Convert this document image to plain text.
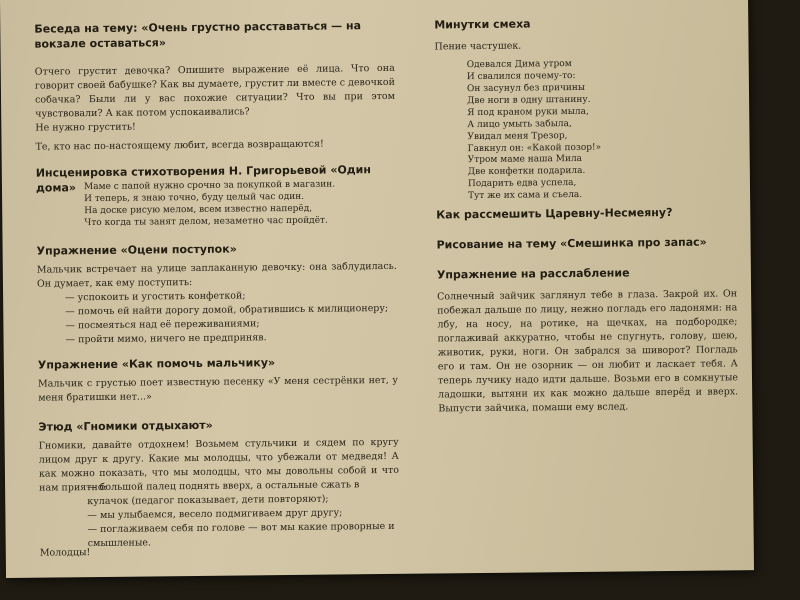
Беседа на тему: «Очень грустно расставаться — на вокзале оставаться»

Отчего грустит девочка? Опишите выражение её лица. Что она говорит своей бабушке? Как вы думаете, грустит ли вместе с девочкой собачка? Были ли у вас похожие ситуации? Что вы при этом чувствовали? А как потом успокаивались?

Не нужно грустить!

Те, кто нас по-настоящему любит, всегда возвращаются!

Инсценировка стихотворения Н. Григорьевой «Один дома» Маме с папой нужно срочно за покупкой в магазин.
И теперь, я знаю точно, буду целый час один.
На доске рисую мелом, всем известно наперёд,
Что когда ты занят делом, незаметно час пройдёт.
Упражнение «Оцени поступок»

Мальчик встречает на улице заплаканную девочку: она заблудилась. Он думает, как ему поступить:

— успокоить и угостить конфеткой;
— помочь ей найти дорогу домой, обратившись к милиционеру;
— посмеяться над её переживаниями;
— пройти мимо, ничего не предприняв.
Упражнение «Как помочь мальчику»

Мальчик с грустью поет известную песенку «У меня сестрёнки нет, у меня братишки нет...»

Этюд «Гномики отдыхают»

Гномики, давайте отдохнем! Возьмем стульчики и сядем по кругу лицом друг к другу. Какие мы молодцы, что убежали от медведя! А как можно показать, что мы молодцы, что мы довольны собой и что нам приятно:

— большой палец поднять вверх, а остальные сжать в кулачок (педагог показывает, дети повторяют);
— мы улыбаемся, весело подмигиваем друг другу;
— поглаживаем себя по голове — вот мы какие проворные и смышленые.

Молодцы!

Минутки смеха

Пение частушек.

Одевался Дима утром
И свалился почему-то:
Он засунул без причины
Две ноги в одну штанину.
Я под краном руки мыла,
А лицо умыть забыла,
Увидал меня Трезор,
Гавкнул он: «Какой позор!»
Утром маме наша Мила
Две конфетки подарила.
Подарить едва успела,
Тут же их сама и съела.
Как рассмешить Царевну-Несмеяну?
Рисование на тему «Смешинка про запас»
Упражнение на расслабление

Солнечный зайчик заглянул тебе в глаза. Закрой их. Он побежал дальше по лицу, нежно погладь его ладонями: на лбу, на носу, на ротике, на щечках, на подбородке; поглаживай аккуратно, чтобы не спугнуть, голову, шею, животик, руки, ноги. Он забрался за шиворот? Погладь его и там. Он не озорник — он любит и ласкает тебя. А теперь лучику надо идти дальше. Возьми его в сомкнутые ладошки, вытяни их как можно дальше вперёд и вверх. Выпусти зайчика, помаши ему вслед.
